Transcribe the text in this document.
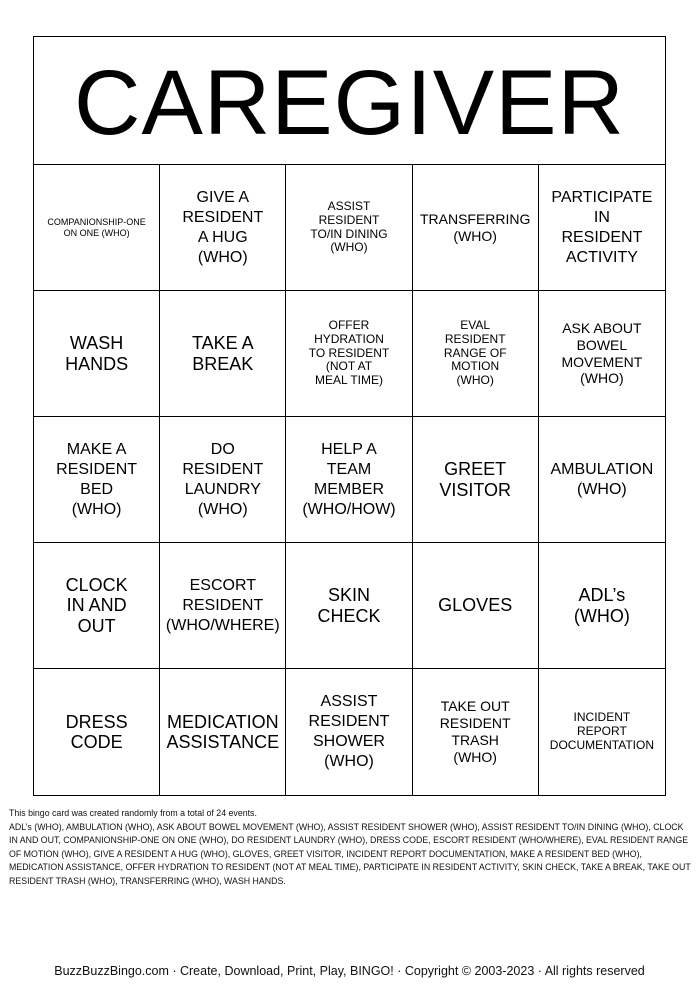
CAREGIVER
COMPANIONSHIP-ONE
ON ONE (WHO)
GIVE A
RESIDENT
A HUG
(WHO)
ASSIST
RESIDENT
TO/IN DINING
(WHO)
TRANSFERRING
(WHO)
PARTICIPATE
IN
RESIDENT
ACTIVITY
WASH
HANDS
TAKE A
BREAK
OFFER
HYDRATION
TO RESIDENT
(NOT AT
MEAL TIME)
EVAL
RESIDENT
RANGE OF
MOTION
(WHO)
ASK ABOUT
BOWEL
MOVEMENT
(WHO)
MAKE A
RESIDENT
BED
(WHO)
DO
RESIDENT
LAUNDRY
(WHO)
HELP A
TEAM
MEMBER
(WHO/HOW)
GREET
VISITOR
AMBULATION
(WHO)
CLOCK
IN AND
OUT
ESCORT
RESIDENT
(WHO/WHERE)
SKIN
CHECK
GLOVES
ADL’s
(WHO)
DRESS
CODE
MEDICATION
ASSISTANCE
ASSIST
RESIDENT
SHOWER
(WHO)
TAKE OUT
RESIDENT
TRASH
(WHO)
INCIDENT
REPORT
DOCUMENTATION

This bingo card was created randomly from a total of 24 events.

ADL’s (WHO), AMBULATION (WHO), ASK ABOUT BOWEL MOVEMENT (WHO), ASSIST RESIDENT SHOWER (WHO), ASSIST RESIDENT TO/IN DINING (WHO), CLOCK IN AND OUT, COMPANIONSHIP-ONE ON ONE (WHO), DO RESIDENT LAUNDRY (WHO), DRESS CODE, ESCORT RESIDENT (WHO/WHERE), EVAL RESIDENT RANGE OF MOTION (WHO), GIVE A RESIDENT A HUG (WHO), GLOVES, GREET VISITOR, INCIDENT REPORT DOCUMENTATION, MAKE A RESIDENT BED (WHO), MEDICATION ASSISTANCE, OFFER HYDRATION TO RESIDENT (NOT AT MEAL TIME), PARTICIPATE IN RESIDENT ACTIVITY, SKIN CHECK, TAKE A BREAK, TAKE OUT RESIDENT TRASH (WHO), TRANSFERRING (WHO), WASH HANDS.

BuzzBuzzBingo.com · Create, Download, Print, Play, BINGO! · Copyright © 2003-2023 · All rights reserved
